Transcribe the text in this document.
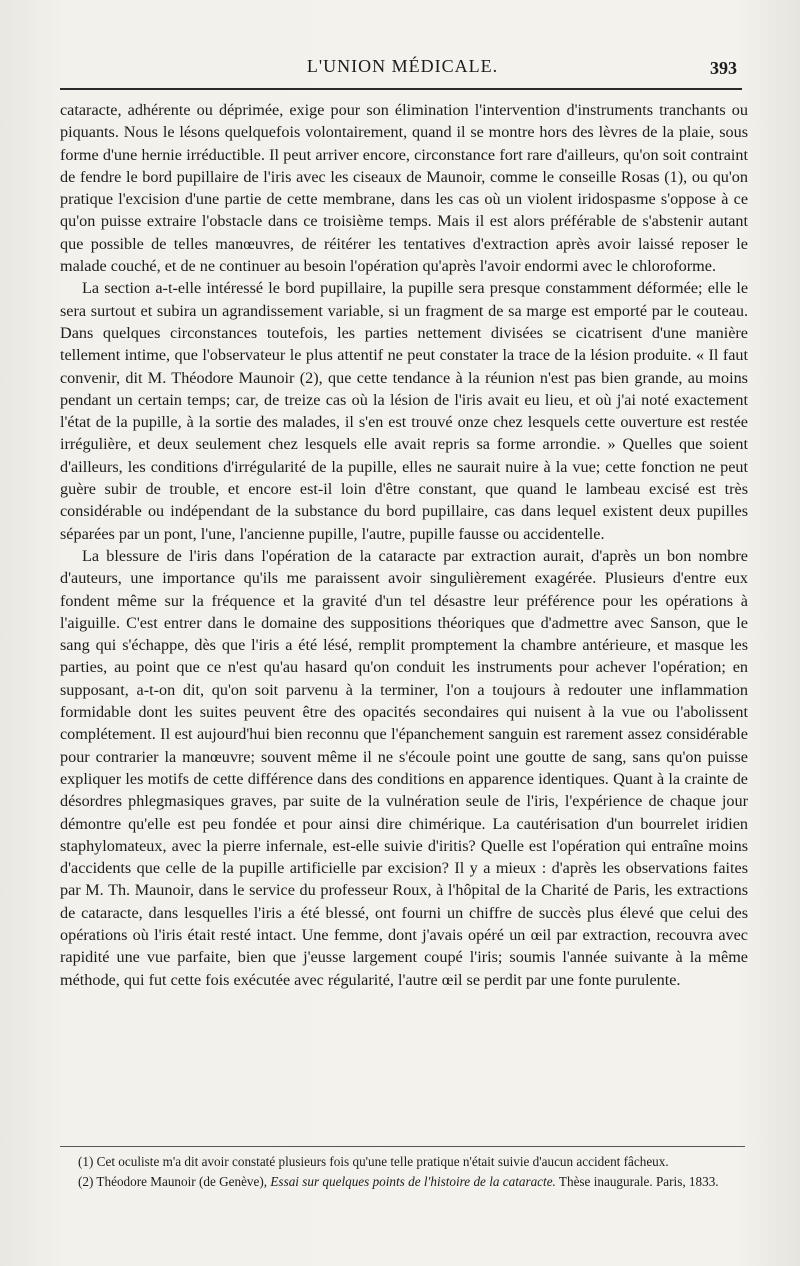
L'UNION MÉDICALE.	393

cataracte, adhérente ou déprimée, exige pour son élimination l'intervention d'instruments tranchants ou piquants. Nous le lésons quelquefois volontairement, quand il se montre hors des lèvres de la plaie, sous forme d'une hernie irréductible. Il peut arriver encore, circonstance fort rare d'ailleurs, qu'on soit contraint de fendre le bord pupillaire de l'iris avec les ciseaux de Maunoir, comme le conseille Rosas (1), ou qu'on pratique l'excision d'une partie de cette membrane, dans les cas où un violent iridospasme s'oppose à ce qu'on puisse extraire l'obstacle dans ce troisième temps. Mais il est alors préférable de s'abstenir autant que possible de telles manœuvres, de réitérer les tentatives d'extraction après avoir laissé reposer le malade couché, et de ne continuer au besoin l'opération qu'après l'avoir endormi avec le chloroforme.

La section a-t-elle intéressé le bord pupillaire, la pupille sera presque constamment déformée; elle le sera surtout et subira un agrandissement variable, si un fragment de sa marge est emporté par le couteau. Dans quelques circonstances toutefois, les parties nettement divisées se cicatrisent d'une manière tellement intime, que l'observateur le plus attentif ne peut constater la trace de la lésion produite. « Il faut convenir, dit M. Théodore Maunoir (2), que cette tendance à la réunion n'est pas bien grande, au moins pendant un certain temps; car, de treize cas où la lésion de l'iris avait eu lieu, et où j'ai noté exactement l'état de la pupille, à la sortie des malades, il s'en est trouvé onze chez lesquels cette ouverture est restée irrégulière, et deux seulement chez lesquels elle avait repris sa forme arrondie. » Quelles que soient d'ailleurs, les conditions d'irrégularité de la pupille, elles ne saurait nuire à la vue; cette fonction ne peut guère subir de trouble, et encore est-il loin d'être constant, que quand le lambeau excisé est très considérable ou indépendant de la substance du bord pupillaire, cas dans lequel existent deux pupilles séparées par un pont, l'une, l'ancienne pupille, l'autre, pupille fausse ou accidentelle.

La blessure de l'iris dans l'opération de la cataracte par extraction aurait, d'après un bon nombre d'auteurs, une importance qu'ils me paraissent avoir singulièrement exagérée. Plusieurs d'entre eux fondent même sur la fréquence et la gravité d'un tel désastre leur préférence pour les opérations à l'aiguille. C'est entrer dans le domaine des suppositions théoriques que d'admettre avec Sanson, que le sang qui s'échappe, dès que l'iris a été lésé, remplit promptement la chambre antérieure, et masque les parties, au point que ce n'est qu'au hasard qu'on conduit les instruments pour achever l'opération; en supposant, a-t-on dit, qu'on soit parvenu à la terminer, l'on a toujours à redouter une inflammation formidable dont les suites peuvent être des opacités secondaires qui nuisent à la vue ou l'abolissent complétement. Il est aujourd'hui bien reconnu que l'épanchement sanguin est rarement assez considérable pour contrarier la manœuvre; souvent même il ne s'écoule point une goutte de sang, sans qu'on puisse expliquer les motifs de cette différence dans des conditions en apparence identiques. Quant à la crainte de désordres phlegmasiques graves, par suite de la vulnération seule de l'iris, l'expérience de chaque jour démontre qu'elle est peu fondée et pour ainsi dire chimérique. La cautérisation d'un bourrelet iridien staphylomateux, avec la pierre infernale, est-elle suivie d'iritis? Quelle est l'opération qui entraîne moins d'accidents que celle de la pupille artificielle par excision? Il y a mieux : d'après les observations faites par M. Th. Maunoir, dans le service du professeur Roux, à l'hôpital de la Charité de Paris, les extractions de cataracte, dans lesquelles l'iris a été blessé, ont fourni un chiffre de succès plus élevé que celui des opérations où l'iris était resté intact. Une femme, dont j'avais opéré un œil par extraction, recouvra avec rapidité une vue parfaite, bien que j'eusse largement coupé l'iris; soumis l'année suivante à la même méthode, qui fut cette fois exécutée avec régularité, l'autre œil se perdit par une fonte purulente.

(1) Cet oculiste m'a dit avoir constaté plusieurs fois qu'une telle pratique n'était suivie d'aucun accident fâcheux.

(2) Théodore Maunoir (de Genève), Essai sur quelques points de l'histoire de la cataracte. Thèse inaugurale. Paris, 1833.
